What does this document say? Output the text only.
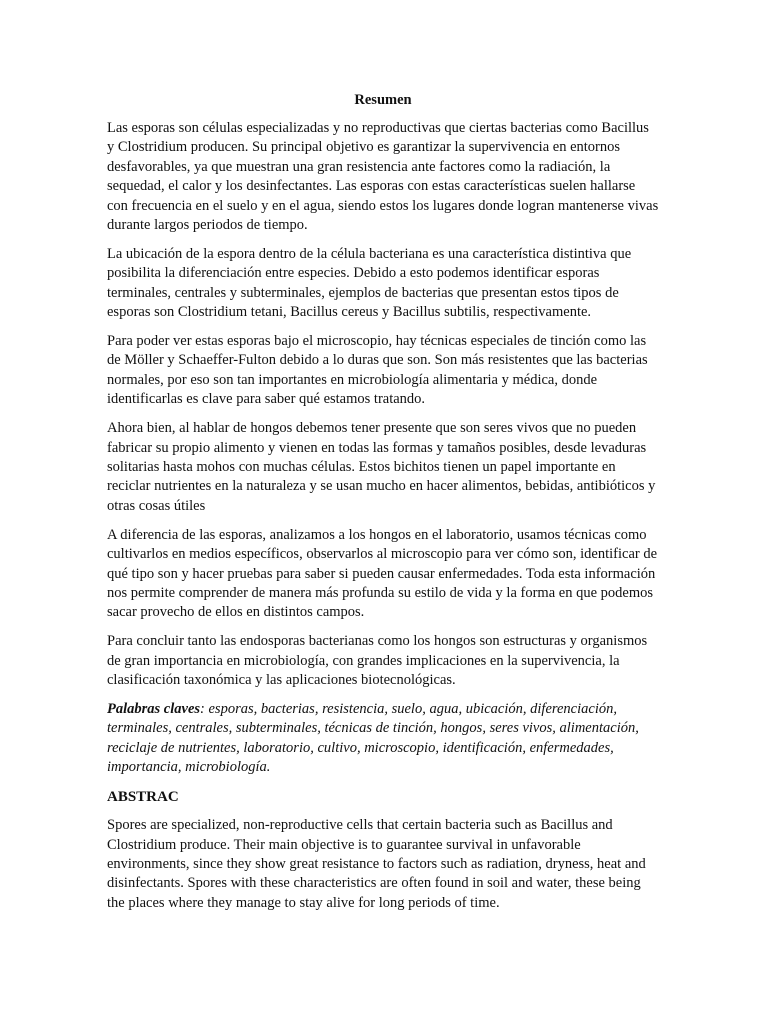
Resumen

Las esporas son células especializadas y no reproductivas que ciertas bacterias como Bacillus y Clostridium producen. Su principal objetivo es garantizar la supervivencia en entornos desfavorables, ya que muestran una gran resistencia ante factores como la radiación, la sequedad, el calor y los desinfectantes. Las esporas con estas características suelen hallarse con frecuencia en el suelo y en el agua, siendo estos los lugares donde logran mantenerse vivas durante largos periodos de tiempo.

La ubicación de la espora dentro de la célula bacteriana es una característica distintiva que posibilita la diferenciación entre especies. Debido a esto podemos identificar esporas terminales, centrales y subterminales, ejemplos de bacterias que presentan estos tipos de esporas son Clostridium tetani, Bacillus cereus y Bacillus subtilis, respectivamente.

Para poder ver estas esporas bajo el microscopio, hay técnicas especiales de tinción como las de Möller y Schaeffer-Fulton debido a lo duras que son. Son más resistentes que las bacterias normales, por eso son tan importantes en microbiología alimentaria y médica, donde identificarlas es clave para saber qué estamos tratando.

Ahora bien, al hablar de hongos debemos tener presente que son seres vivos que no pueden fabricar su propio alimento y vienen en todas las formas y tamaños posibles, desde levaduras solitarias hasta mohos con muchas células. Estos bichitos tienen un papel importante en reciclar nutrientes en la naturaleza y se usan mucho en hacer alimentos, bebidas, antibióticos y otras cosas útiles

A diferencia de las esporas, analizamos a los hongos en el laboratorio, usamos técnicas como cultivarlos en medios específicos, observarlos al microscopio para ver cómo son, identificar de qué tipo son y hacer pruebas para saber si pueden causar enfermedades. Toda esta información nos permite comprender de manera más profunda su estilo de vida y la forma en que podemos sacar provecho de ellos en distintos campos.

Para concluir tanto las endosporas bacterianas como los hongos son estructuras y organismos de gran importancia en microbiología, con grandes implicaciones en la supervivencia, la clasificación taxonómica y las aplicaciones biotecnológicas.

Palabras claves: esporas, bacterias, resistencia, suelo, agua, ubicación, diferenciación, terminales, centrales, subterminales, técnicas de tinción, hongos, seres vivos, alimentación, reciclaje de nutrientes, laboratorio, cultivo, microscopio, identificación, enfermedades, importancia, microbiología.

ABSTRAC

Spores are specialized, non-reproductive cells that certain bacteria such as Bacillus and Clostridium produce. Their main objective is to guarantee survival in unfavorable environments, since they show great resistance to factors such as radiation, dryness, heat and disinfectants. Spores with these characteristics are often found in soil and water, these being the places where they manage to stay alive for long periods of time.
